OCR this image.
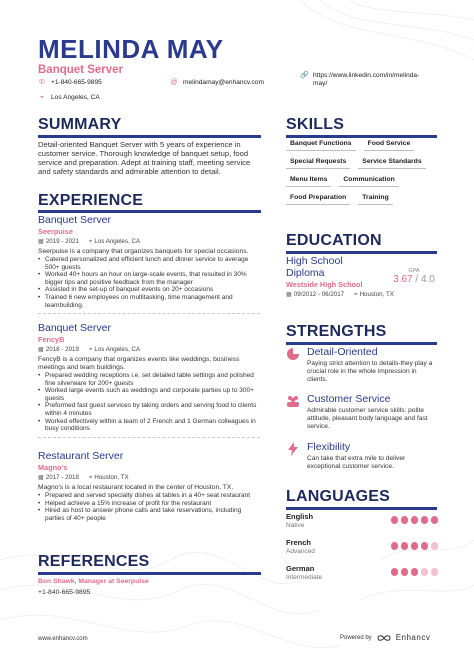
MELINDA MAY
Banquet Server
✆ +1-840-665-9895	@ melindamay@enhancv.com
🔗 https://www.linkedin.com/in/melinda-
may/
⌖	Los Angeles, CA
SUMMARY
Detail-oriented Banquet Server with 5 years of experience in customer service. Thorough knowledge of banquet setup, food service and preparation. Adept at training staff, meeting service and safety standards and admirable attention to detail.
EXPERIENCE
Banquet Server
Seerpuise
▦ 2019 - 2021 ⌖ Los Angeles, CA
Seerpuise is a company that organizes banquets for special occasions.
• Catered personalized and efficient lunch and dinner service to average 500+ guests
• Worked 40+ hours an hour on large-scale events, that resulted in 30% bigger tips and positive feedback from the manager
• Assisted in the set-up of banquet events on 20+ occasions
• Trained 6 new employees on multitasking, time management and teambuilding.
Banquet Server
FencyB
▦ 2018 - 2019 ⌖ Los Angeles, CA
FencyB is a company that organizes events like weddings, business meetings and team buildings.
• Prepared wedding receptions i.e. set detailed table settings and polished fine silverware for 200+ guests
• Worked large events such as weddings and corporate parties up to 300+ guests
• Preformed fast guest services by taking orders and serving food to clients within 4 minutes
• Worked effectively within a team of 2 French and 1 German colleagues in busy conditions
Restaurant Server
Magno's
▦ 2017 - 2018 ⌖ Houston, TX
Magno's is a local restaurant located in the center of Houston, TX.
• Prepared and served specialty dishes at tables in a 40+ seat restaurant
• Helped achieve a 15% increase of profit for the restaurant
• Hired as host to answer phone calls and take reservations, including parties of 40+ people
REFERENCES
Bon Shawk, Manager at Seerpuise
+1-840-665-9895
SKILLS
Banquet Functions	Food Service
Special Requests	Service Standards
Menu Items	Communication
Food Preparation	Training
EDUCATION
High School
Diploma
Westside High School
▦ 09/2012 - 06/2017 ⌖ Houston, TX
GPA
3.67 / 4.0
STRENGTHS
Detail-Oriented
Paying strict attention to details-they play a crucial role in the whole impression in clients.
Customer Service
Admirable customer service skills: polite attitude, pleasant body language and fast service.
Flexibility
Can take that extra mile to deliver exceptional customer service.
LANGUAGES
English
Native
French
Advanced
German
Intermediate
www.enhancv.com	Powered by	Enhancv
